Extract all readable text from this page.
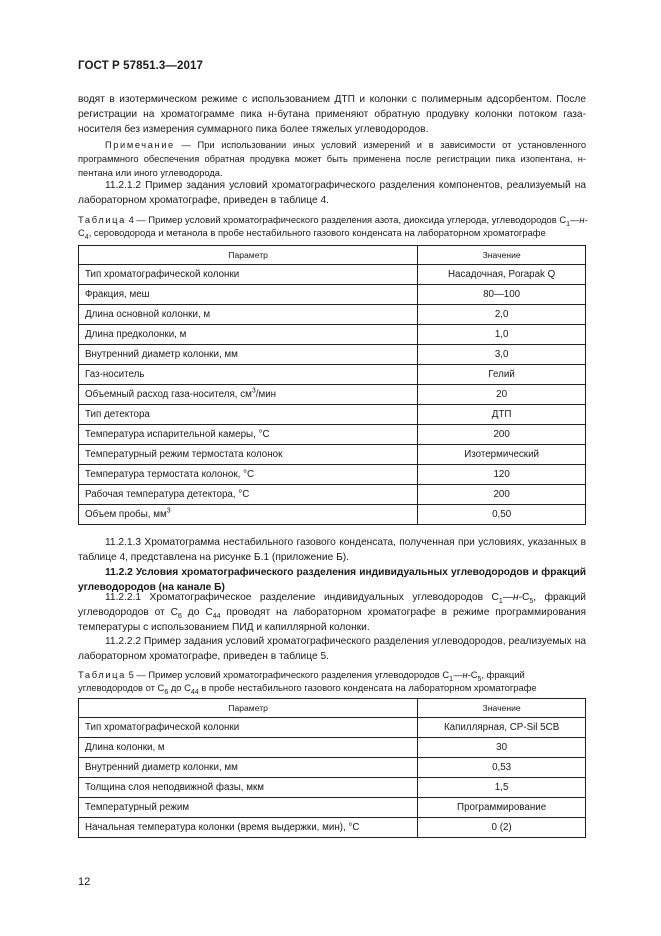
ГОСТ Р 57851.3—2017

водят в изотермическом режиме с использованием ДТП и колонки с полимерным адсорбентом. После регистрации на хроматограмме пика н-бутана применяют обратную продувку колонки потоком газа-носителя без измерения суммарного пика более тяжелых углеводородов.

Примечание — При использовании иных условий измерений и в зависимости от установленного программного обеспечения обратная продувка может быть применена после регистрации пика изопентана, н-пентана или иного углеводорода.

11.2.1.2 Пример задания условий хроматографического разделения компонентов, реализуемый на лабораторном хроматографе, приведен в таблице 4.

Таблица 4 — Пример условий хроматографического разделения азота, диоксида углерода, углеводородов $C_1—н-C_4$, сероводорода и метанола в пробе нестабильного газового конденсата на лабораторном хроматографе

Параметр	Значение
Тип хроматографической колонки	Насадочная, Porapak Q
Фракция, меш	80—100
Длина основной колонки, м	2,0
Длина предколонки, м	1,0
Внутренний диаметр колонки, мм	3,0
Газ-носитель	Гелий
Объемный расход газа-носителя, $см^3$/мин	20
Тип детектора	ДТП
Температура испарительной камеры, °С	200
Температурный режим термостата колонок	Изотермический
Температура термостата колонок, °С	120
Рабочая температура детектора, °С	200
Объем пробы, $мм^3$	0,50

11.2.1.3 Хроматограмма нестабильного газового конденсата, полученная при условиях, указанных в таблице 4, представлена на рисунке Б.1 (приложение Б).

11.2.2 Условия хроматографического разделения индивидуальных углеводородов и фракций углеводородов (на канале Б)

11.2.2.1 Хроматографическое разделение индивидуальных углеводородов $C_1—н-C_5$, фракций углеводородов от $C_6$ до $C_{44}$ проводят на лабораторном хроматографе в режиме программирования температуры с использованием ПИД и капиллярной колонки.

11.2.2.2 Пример задания условий хроматографического разделения углеводородов, реализуемых на лабораторном хроматографе, приведен в таблице 5.

Таблица 5 — Пример условий хроматографического разделения углеводородов $C_1—н-C_5$, фракций углеводородов от $C_6$ до $C_{44}$ в пробе нестабильного газового конденсата на лабораторном хроматографе

Параметр	Значение
Тип хроматографической колонки	Капиллярная, CP-Sil 5CB
Длина колонки, м	30
Внутренний диаметр колонки, мм	0,53
Толщина слоя неподвижной фазы, мкм	1,5
Температурный режим	Программирование
Начальная температура колонки (время выдержки, мин), °С	0 (2)
12
